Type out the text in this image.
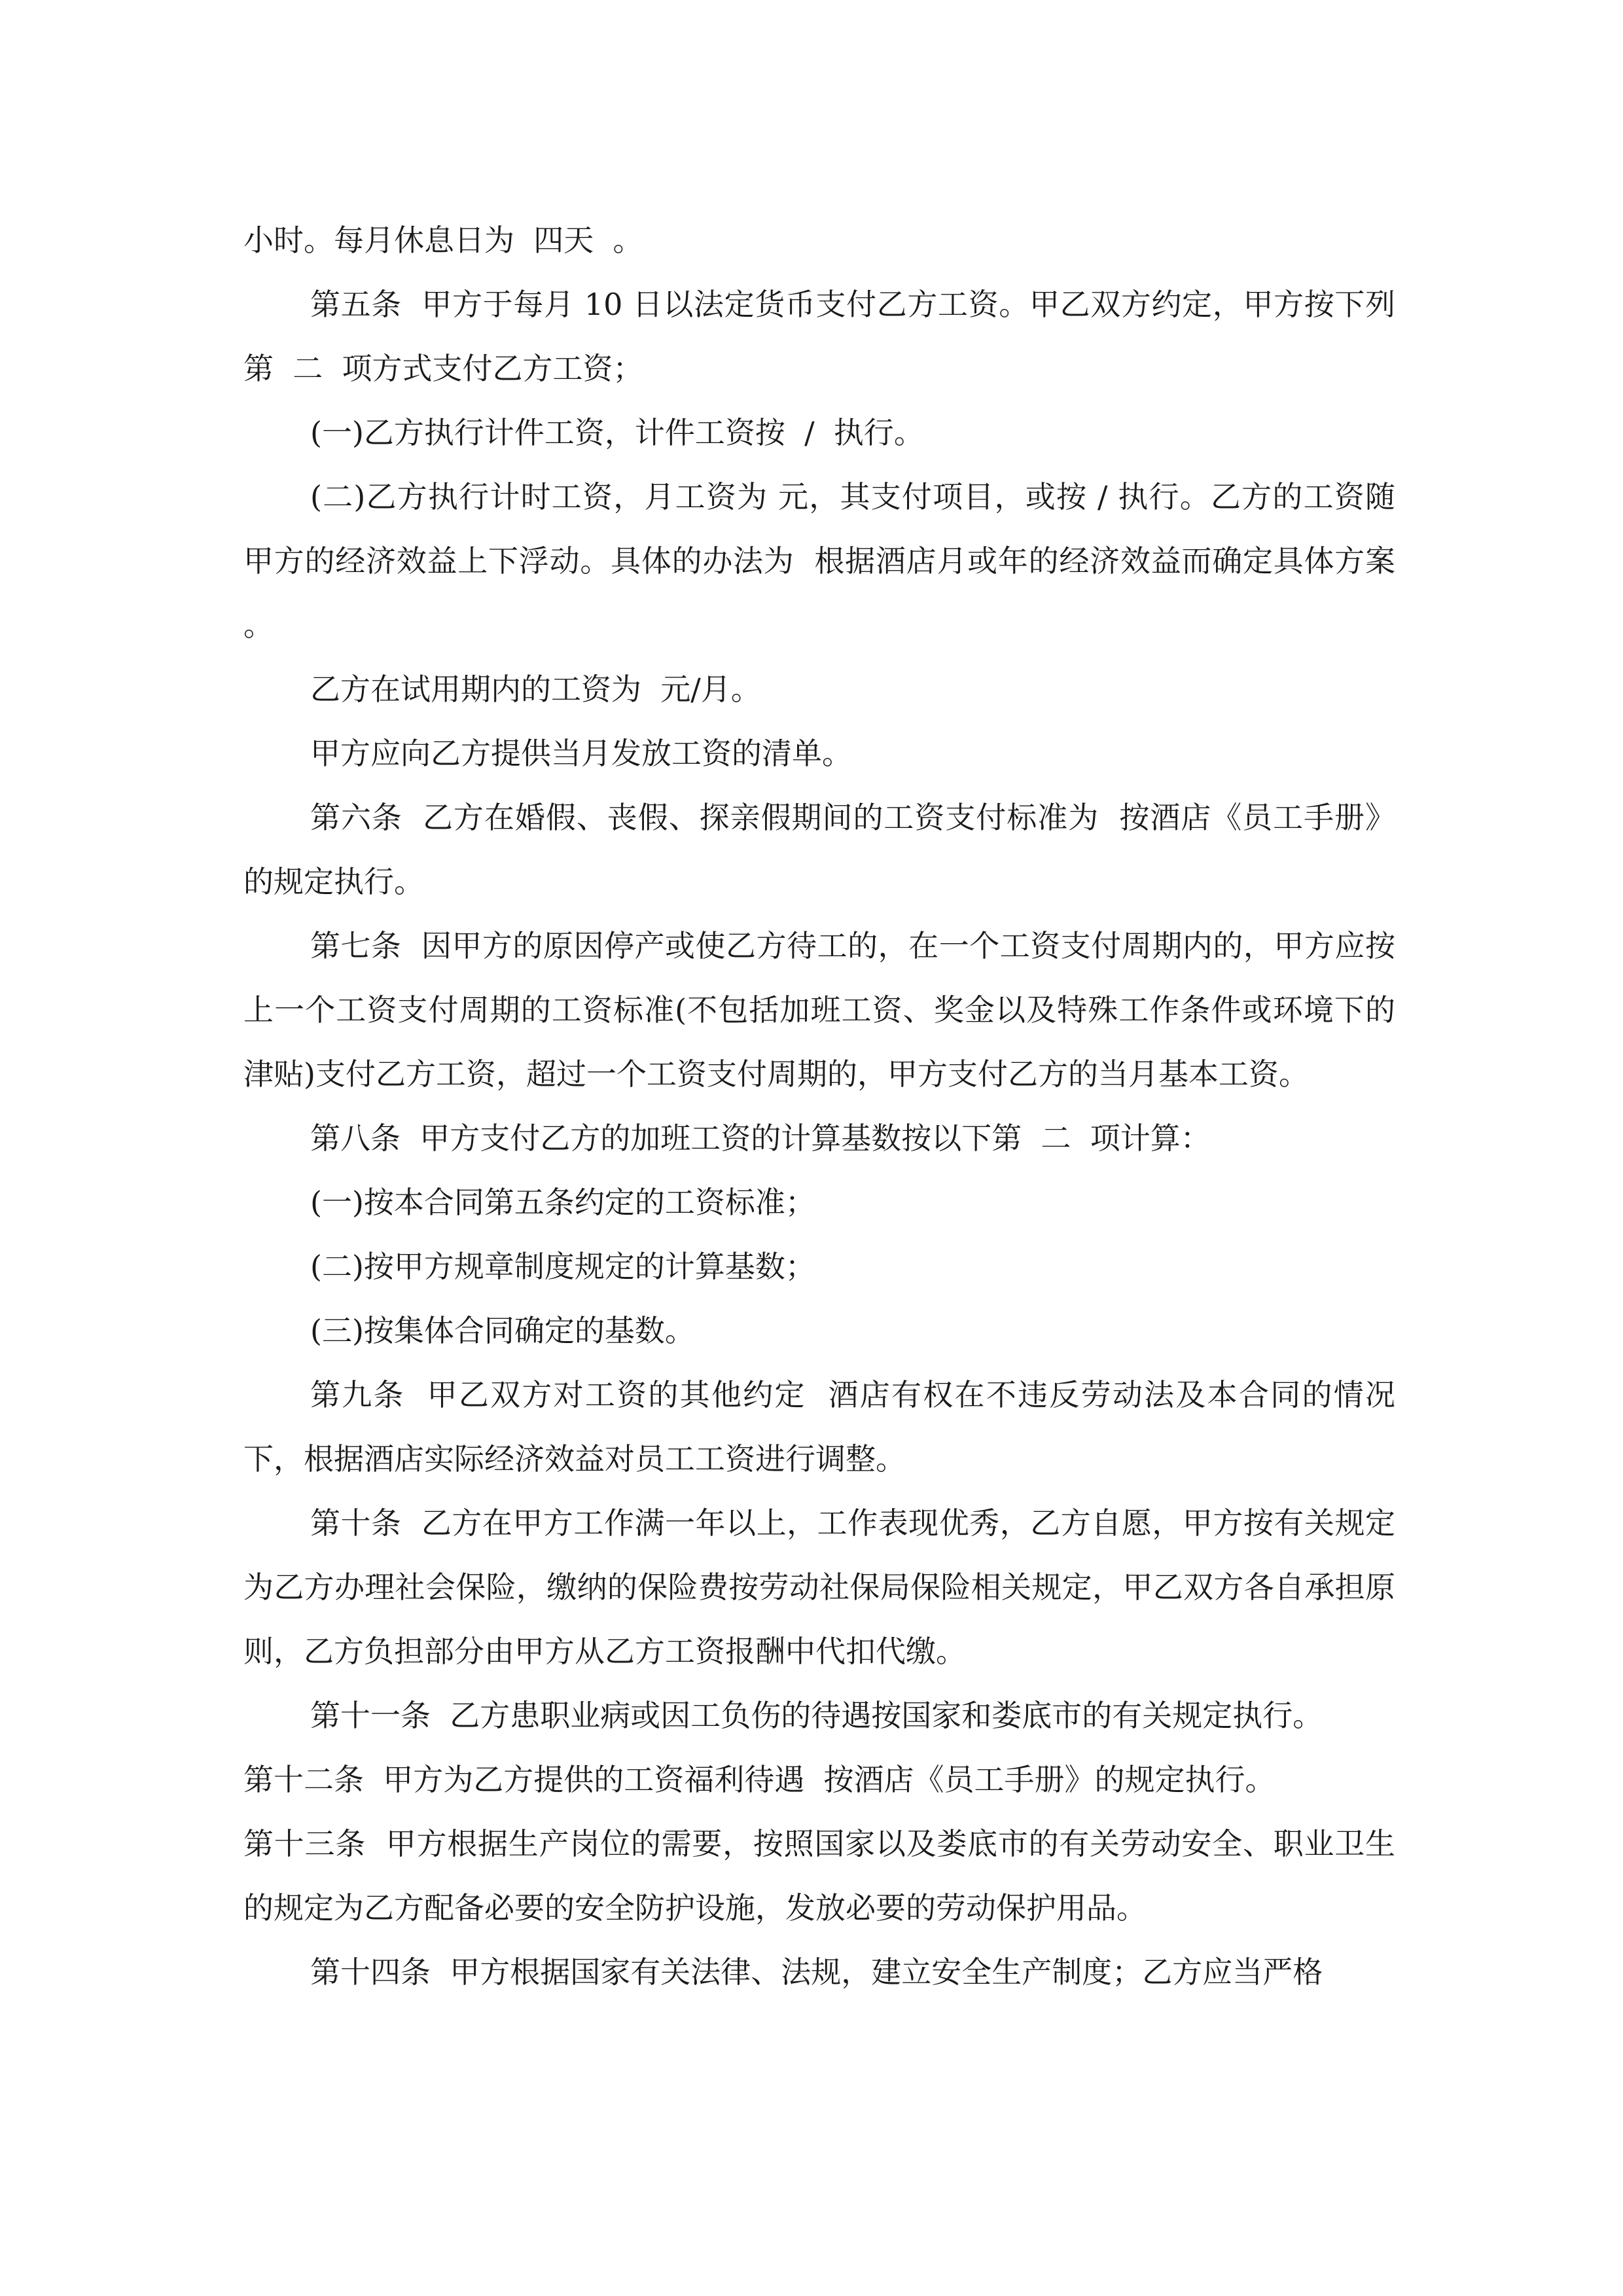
小时。每月休息日为  四天  。

第五条  甲方于每月 10 日以法定货币支付乙方工资。甲乙双方约定，甲方按下列第  二  项方式支付乙方工资；

(一)乙方执行计件工资，计件工资按  /  执行。

(二)乙方执行计时工资，月工资为 元，其支付项目，或按 / 执行。乙方的工资随甲方的经济效益上下浮动。具体的办法为  根据酒店月或年的经济效益而确定具体方案  。

乙方在试用期内的工资为  元/月。

甲方应向乙方提供当月发放工资的清单。

第六条  乙方在婚假、丧假、探亲假期间的工资支付标准为  按酒店《员工手册》的规定执行。

第七条  因甲方的原因停产或使乙方待工的，在一个工资支付周期内的，甲方应按上一个工资支付周期的工资标准(不包括加班工资、奖金以及特殊工作条件或环境下的津贴)支付乙方工资，超过一个工资支付周期的，甲方支付乙方的当月基本工资。

第八条  甲方支付乙方的加班工资的计算基数按以下第  二  项计算：

(一)按本合同第五条约定的工资标准；

(二)按甲方规章制度规定的计算基数；

(三)按集体合同确定的基数。

第九条  甲乙双方对工资的其他约定  酒店有权在不违反劳动法及本合同的情况下，根据酒店实际经济效益对员工工资进行调整。

第十条  乙方在甲方工作满一年以上，工作表现优秀，乙方自愿，甲方按有关规定为乙方办理社会保险，缴纳的保险费按劳动社保局保险相关规定，甲乙双方各自承担原则，乙方负担部分由甲方从乙方工资报酬中代扣代缴。

第十一条  乙方患职业病或因工负伤的待遇按国家和娄底市的有关规定执行。

第十二条  甲方为乙方提供的工资福利待遇  按酒店《员工手册》的规定执行。

第十三条  甲方根据生产岗位的需要，按照国家以及娄底市的有关劳动安全、职业卫生的规定为乙方配备必要的安全防护设施，发放必要的劳动保护用品。

第十四条  甲方根据国家有关法律、法规，建立安全生产制度；乙方应当严格
